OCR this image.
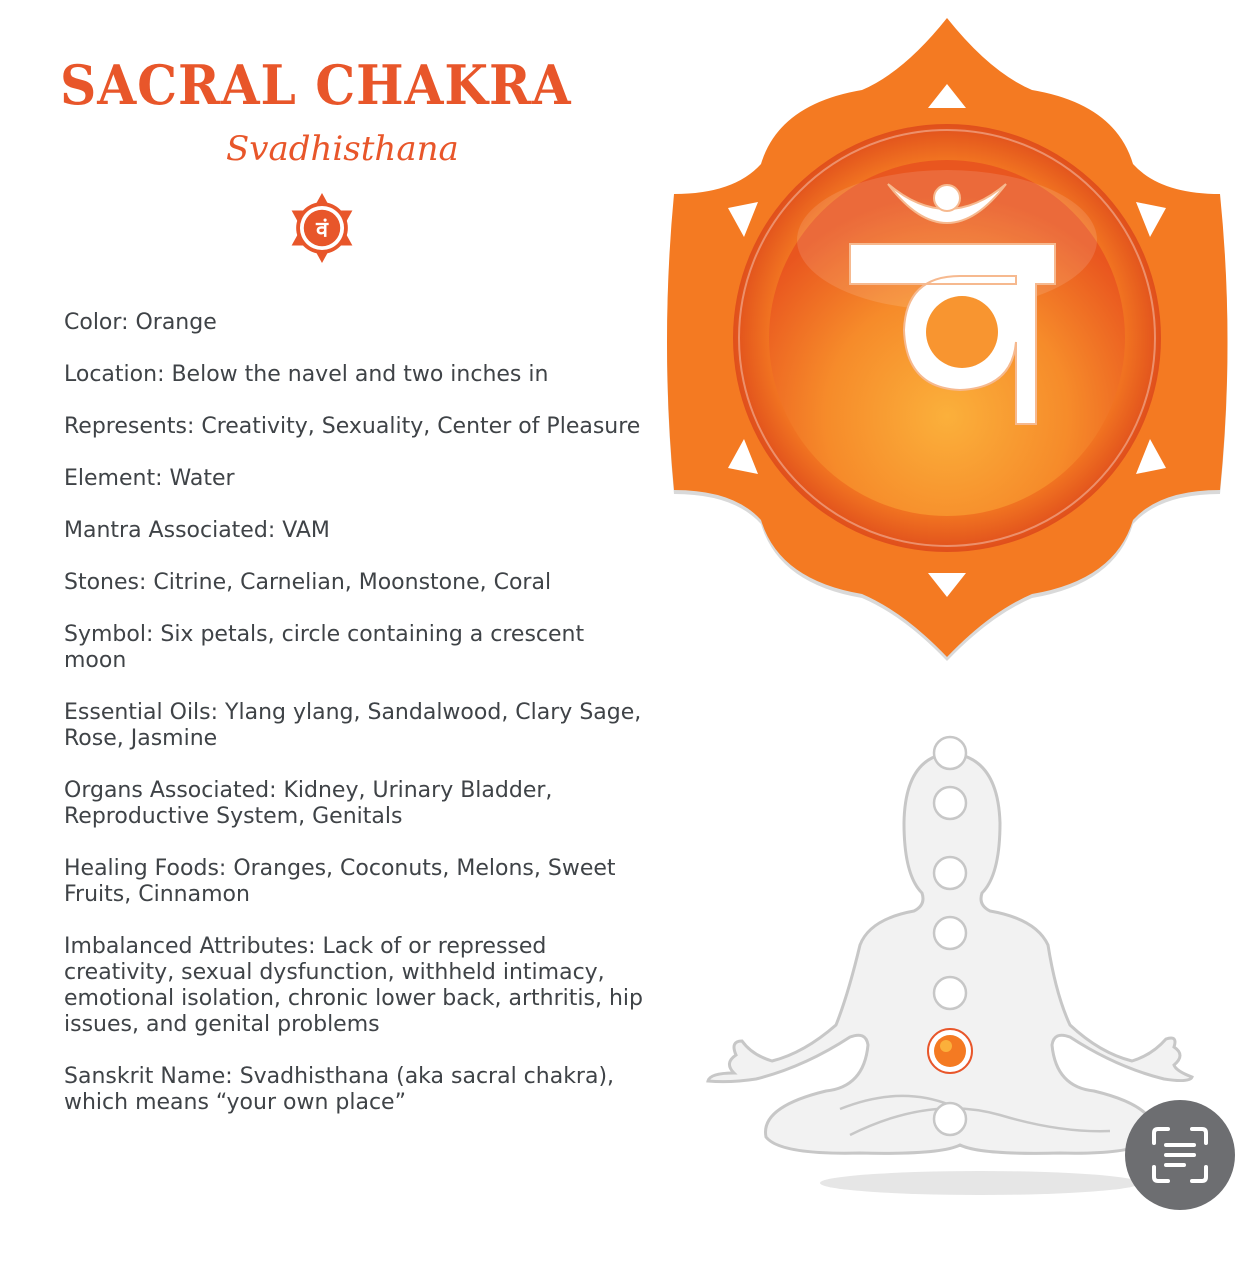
SACRAL CHAKRA
Svadhisthana
वं

Color : Orange

Location : Below the navel and two inches in

Represents : Creativity, Sexuality, Center of Pleasure

Element : Water

Mantra Associated : VAM

Stones : Citrine, Carnelian, Moonstone, Coral

Symbol : Six petals, circle containing a crescent moon

Essential Oils : Ylang ylang, Sandalwood, Clary Sage, Rose, Jasmine

Organs Associated : Kidney, Urinary Bladder, Reproductive System, Genitals

Healing Foods : Oranges, Coconuts, Melons, Sweet Fruits, Cinnamon

Imbalanced Attributes : Lack of or repressed creativity, sexual dysfunction, withheld intimacy, emotional isolation, chronic lower back, arthritis, hip issues, and genital problems

Sanskrit Name : Svadhisthana (aka sacral chakra), which means “your own place”
